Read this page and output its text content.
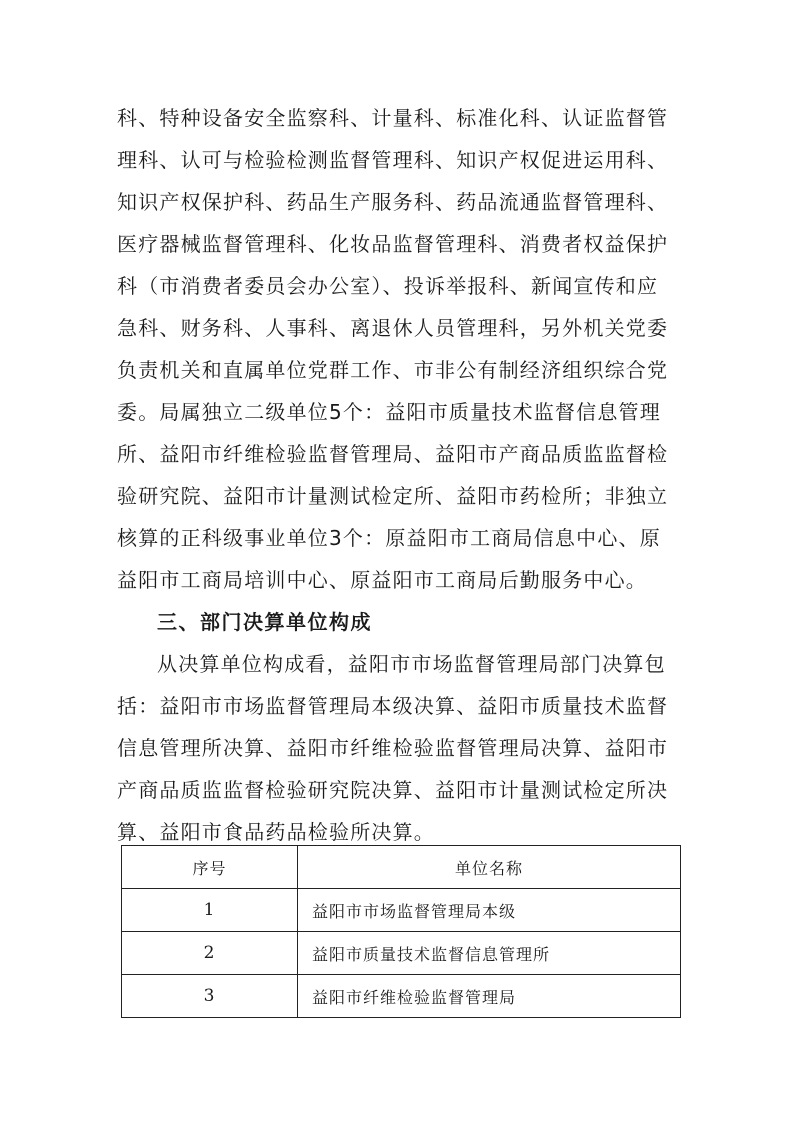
科、特种设备安全监察科、计量科、标准化科、认证监督管
理科、认可与检验检测监督管理科、知识产权促进运用科、
知识产权保护科、药品生产服务科、药品流通监督管理科、
医疗器械监督管理科、化妆品监督管理科、消费者权益保护
科（市消费者委员会办公室）、投诉举报科、新闻宣传和应
急科、财务科、人事科、离退休人员管理科，另外机关党委
负责机关和直属单位党群工作、市非公有制经济组织综合党
委。局属独立二级单位5个：益阳市质量技术监督信息管理
所、益阳市纤维检验监督管理局、益阳市产商品质监监督检
验研究院、益阳市计量测试检定所、益阳市药检所；非独立
核算的正科级事业单位3个：原益阳市工商局信息中心、原
益阳市工商局培训中心、原益阳市工商局后勤服务中心。
三、部门决算单位构成
从决算单位构成看，益阳市市场监督管理局部门决算包
括：益阳市市场监督管理局本级决算、益阳市质量技术监督
信息管理所决算、益阳市纤维检验监督管理局决算、益阳市
产商品质监监督检验研究院决算、益阳市计量测试检定所决
算、益阳市食品药品检验所决算。
序号	单位名称
1	益阳市市场监督管理局本级
2	益阳市质量技术监督信息管理所
3	益阳市纤维检验监督管理局
